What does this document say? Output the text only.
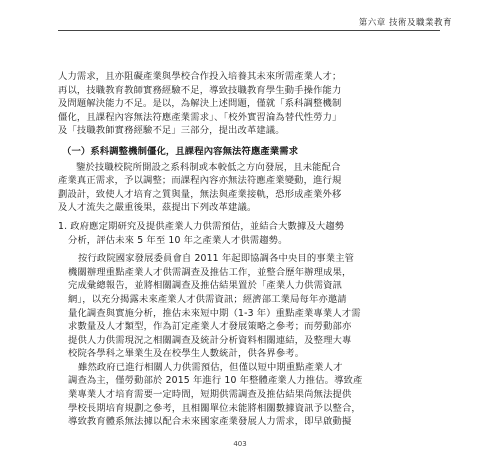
第六章 技術及職業教育
人力需求，且亦阻礙產業與學校合作投入培養其未來所需產業人才；
再以，技職教育教師實務經驗不足，導致技職教育學生動手操作能力
及問題解決能力不足。是以，為解決上述問題，僅就「系科調整機制
僵化，且課程內容無法符應產業需求」、「校外實習淪為替代性勞力」
及「技職教師實務經驗不足」三部分，提出改革建議。
（一）系科調整機制僵化，且課程內容無法符應產業需求
鑒於技職校院所開設之系科制或本較低之方向發展，且未能配合
產業真正需求，予以調整；而課程內容亦無法符應產業變動，進行規
劃設計，致使人才培育之質與量，無法與產業接軌，恐形成產業外移
及人才流失之嚴重後果，茲提出下列改革建議。
1. 政府應定期研究及提供產業人力供需預估，並結合大數據及大趨勢
分析，評估未來 5 年至 10 年之產業人才供需趨勢。
按行政院國家發展委員會自 2011 年起即協調各中央目的事業主管
機關辦理重點產業人才供需調查及推估工作，並整合歷年辦理成果，
完成彙總報告，並將相關調查及推估結果置於「產業人力供需資訊
網」，以充分揭露未來產業人才供需資訊；經濟部工業局每年亦邀請
量化調查與實施分析，推估未來短中期（1-3 年）重點產業專業人才需
求數量及人才類型，作為訂定產業人才發展策略之參考；而勞動部亦
提供人力供需現況之相關調查及統計分析資料相關連結，及整理大專
校院各學科之畢業生及在校學生人數統計，供各界參考。
雖然政府已進行相關人力供需預估，但僅以短中期重點產業人才
調查為主，僅勞動部於 2015 年進行 10 年整體產業人力推估。導致產
業專業人才培育需要一定時間，短期供需調查及推估結果尚無法提供
學校長期培育規劃之參考，且相關單位未能將相關數據資訊予以整合，
導致教育體系無法據以配合未來國家產業發展人力需求，即早啟動擬
403
